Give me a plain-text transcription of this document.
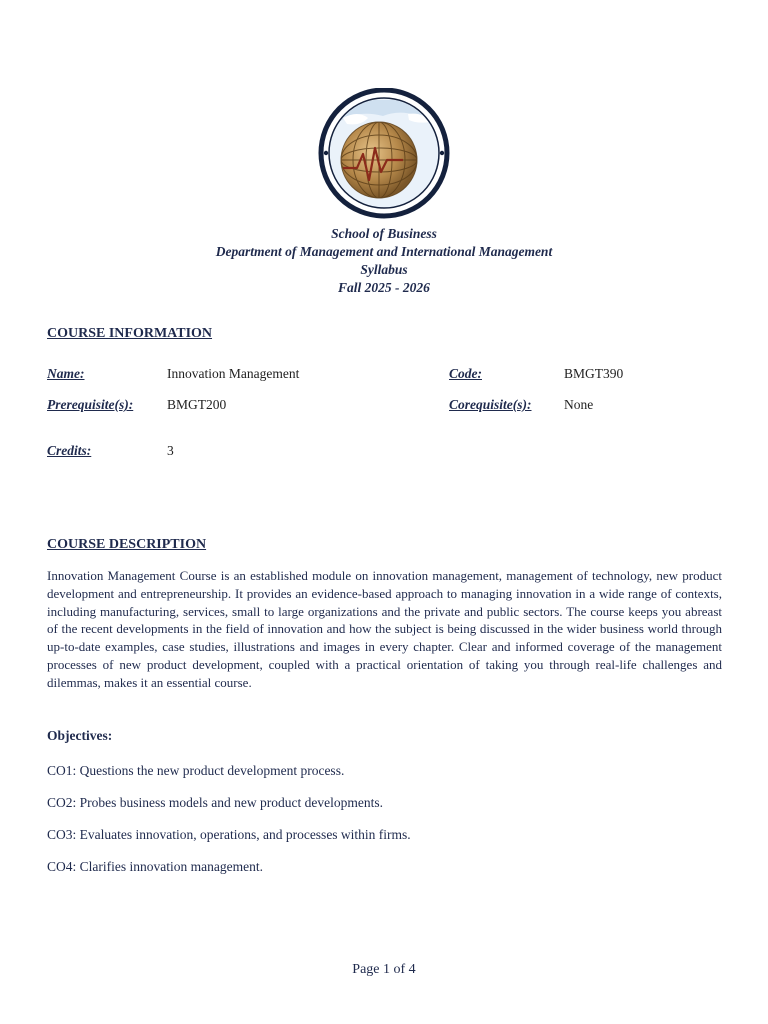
School of Business
Department of Management and International Management
Syllabus
Fall 2025 - 2026
COURSE INFORMATION
Name:	Innovation Management	Code:	BMGT390
Prerequisite(s):	BMGT200	Corequisite(s): None
Credits:	3
COURSE DESCRIPTION
Innovation Management Course is an established module on innovation management, management of technology, new product development and entrepreneurship. It provides an evidence-based approach to managing innovation in a wide range of contexts, including manufacturing, services, small to large organizations and the private and public sectors. The course keeps you abreast of the recent developments in the field of innovation and how the subject is being discussed in the wider business world through up-to-date examples, case studies, illustrations and images in every chapter. Clear and informed coverage of the management processes of new product development, coupled with a practical orientation of taking you through real-life challenges and dilemmas, makes it an essential course.
Objectives:
CO1: Questions the new product development process.
CO2: Probes business models and new product developments.
CO3: Evaluates innovation, operations, and processes within firms.
CO4: Clarifies innovation management.
Page 1 of 4
